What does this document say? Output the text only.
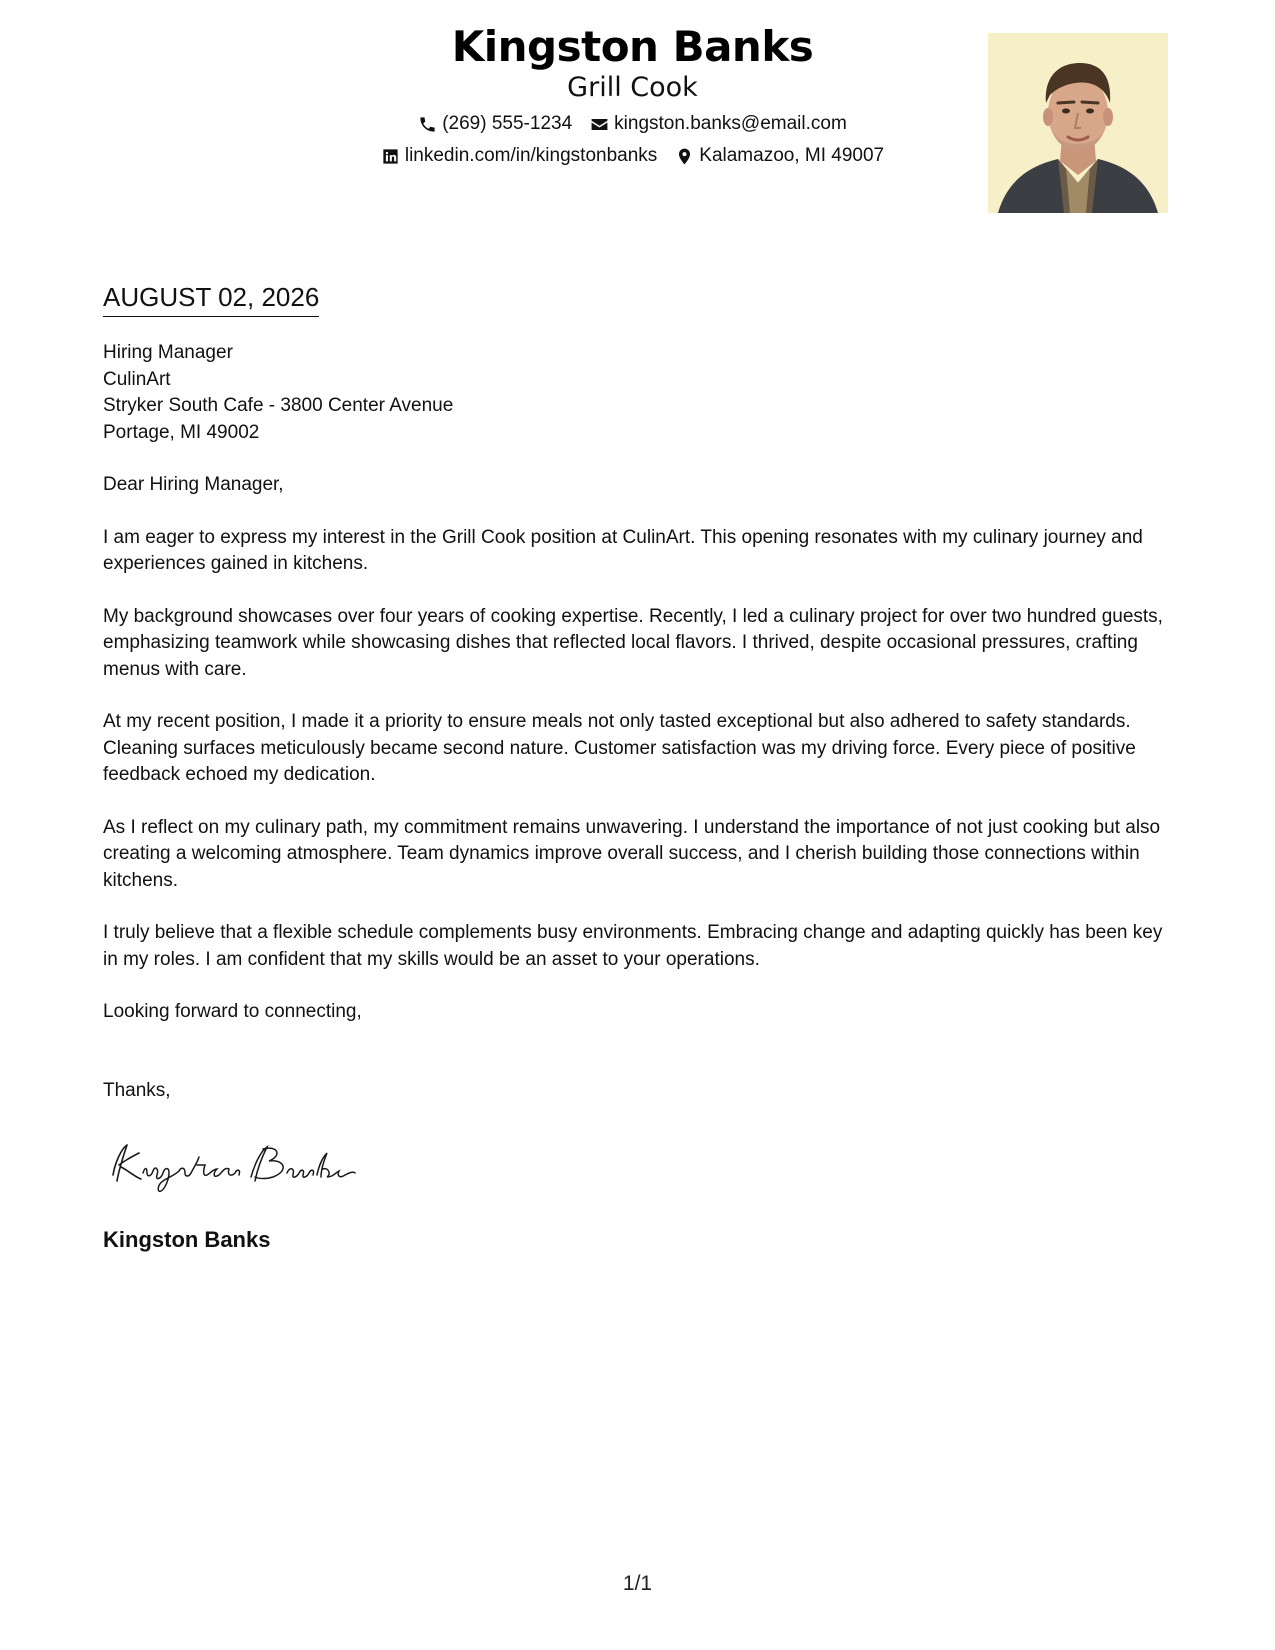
Kingston Banks
Grill Cook
(269) 555-1234 kingston.banks@email.com
linkedin.com/in/kingstonbanks Kalamazoo, MI 49007
AUGUST 02, 2026
Hiring Manager
CulinArt
Stryker South Cafe - 3800 Center Avenue
Portage, MI 49002

Dear Hiring Manager,

I am eager to express my interest in the Grill Cook position at CulinArt. This opening resonates with my culinary journey and experiences gained in kitchens.

My background showcases over four years of cooking expertise. Recently, I led a culinary project for over two hundred guests, emphasizing teamwork while showcasing dishes that reflected local flavors. I thrived, despite occasional pressures, crafting menus with care.

At my recent position, I made it a priority to ensure meals not only tasted exceptional but also adhered to safety standards. Cleaning surfaces meticulously became second nature. Customer satisfaction was my driving force. Every piece of positive feedback echoed my dedication.

As I reflect on my culinary path, my commitment remains unwavering. I understand the importance of not just cooking but also creating a welcoming atmosphere. Team dynamics improve overall success, and I cherish building those connections within kitchens.

I truly believe that a flexible schedule complements busy environments. Embracing change and adapting quickly has been key in my roles. I am confident that my skills would be an asset to your operations.

Looking forward to connecting,

Thanks,

Kingston Banks
1/1
